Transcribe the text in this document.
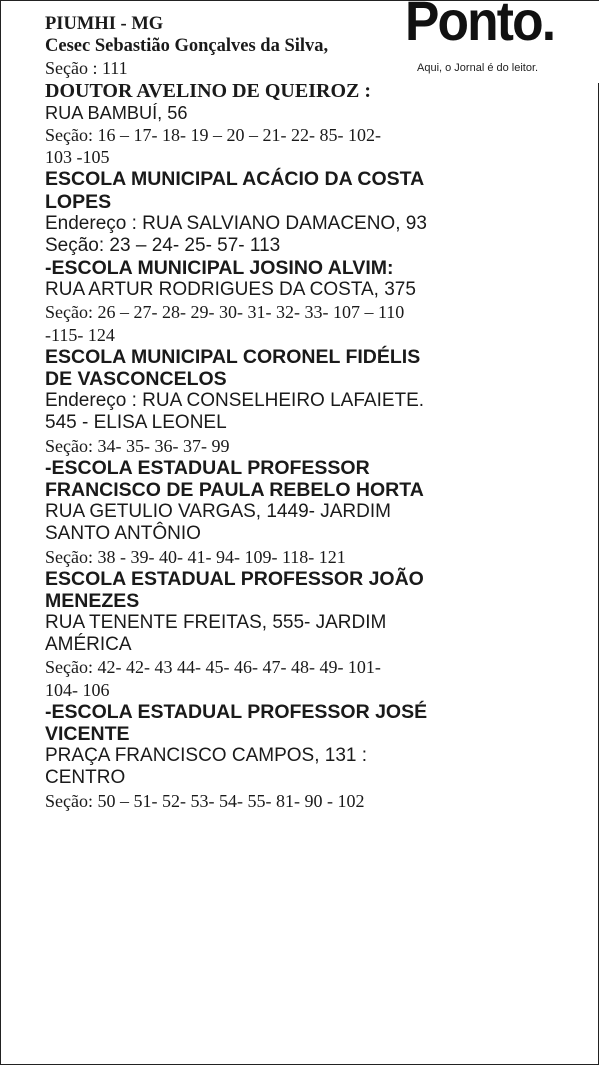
Ponto.
Aqui, o Jornal é do leitor.
PIUMHI - MG
Cesec Sebastião Gonçalves da Silva,
Seção : 111
DOUTOR AVELINO DE QUEIROZ :
RUA BAMBUÍ, 56
Seção: 16 – 17- 18- 19 – 20 – 21- 22- 85- 102-
103 -105
ESCOLA MUNICIPAL ACÁCIO DA COSTA
LOPES
Endereço : RUA SALVIANO DAMACENO, 93
Seção: 23 – 24- 25- 57- 113
-ESCOLA MUNICIPAL JOSINO ALVIM:
RUA ARTUR RODRIGUES DA COSTA, 375
Seção: 26 – 27- 28- 29- 30- 31- 32- 33- 107 – 110
-115- 124
ESCOLA MUNICIPAL CORONEL FIDÉLIS
DE VASCONCELOS
Endereço : RUA CONSELHEIRO LAFAIETE.
545 - ELISA LEONEL
Seção: 34- 35- 36- 37- 99
-ESCOLA ESTADUAL PROFESSOR
FRANCISCO DE PAULA REBELO HORTA
RUA GETULIO VARGAS, 1449- JARDIM
SANTO ANTÔNIO
Seção: 38 - 39- 40- 41- 94- 109- 118- 121
ESCOLA ESTADUAL PROFESSOR JOÃO
MENEZES
RUA TENENTE FREITAS, 555- JARDIM
AMÉRICA
Seção: 42- 42- 43 44- 45- 46- 47- 48- 49- 101-
104- 106
-ESCOLA ESTADUAL PROFESSOR JOSÉ
VICENTE
PRAÇA FRANCISCO CAMPOS, 131 :
CENTRO
Seção: 50 – 51- 52- 53- 54- 55- 81- 90 - 102
